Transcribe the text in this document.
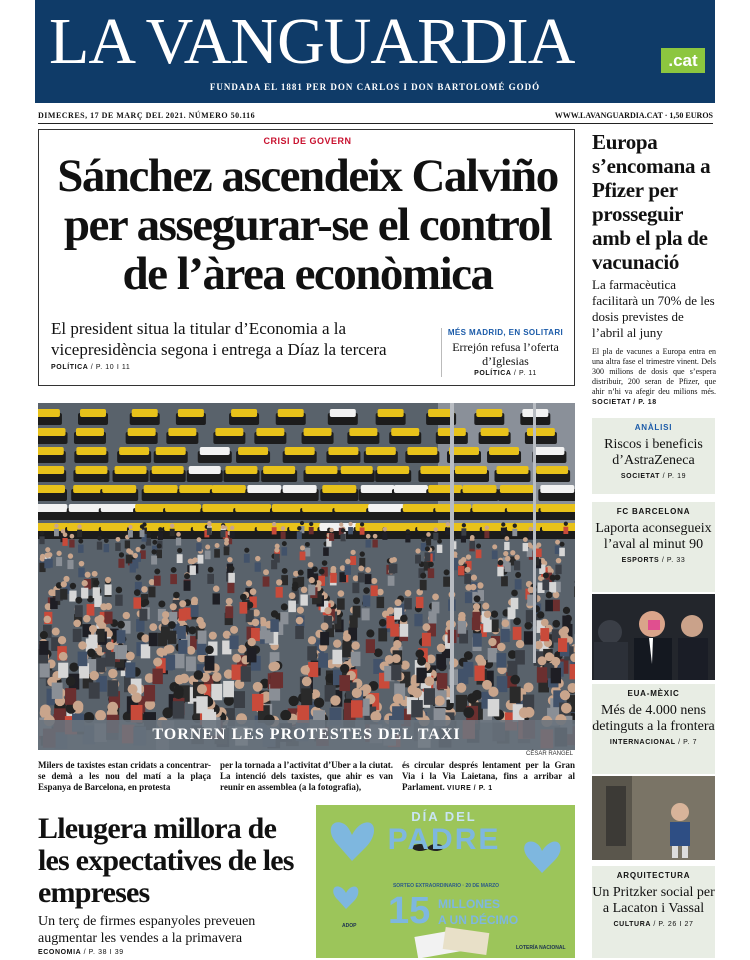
LA VANGUARDIA	.cat
FUNDADA EL 1881 PER DON CARLOS I DON BARTOLOMÉ GODÓ
DIMECRES, 17 DE MARÇ DEL 2021. NÚMERO 50.116	WWW.LAVANGUARDIA.CAT · 1,50 EUROS
CRISI DE GOVERN
Sánchez ascendeix Calviño per assegurar-se el control de l’àrea econòmica
El president situa la titular d’Economia a la vicepresidència segona i entrega a Díaz la tercera
POLÍTICA / P. 10 I 11
MÉS MADRID, EN SOLITARI
Errejón refusa l’oferta d’Iglesias
POLÍTICA / P. 11
TORNEN LES PROTESTES DEL TAXI
CÉSAR RANGEL
Milers de taxistes estan cridats a concentrar-se demà a les nou del matí a la plaça Espanya de Barcelona, en protesta
per la tornada a l’activitat d’Uber a la ciutat. La intenció dels taxistes, que ahir es van reunir en assemblea (a la fotografia),
és circular després lentament per la Gran Via i la Via Laietana, fins a arribar al Parlament. VIURE / P. 1
Lleugera millora de les expectatives de les empreses
Un terç de firmes espanyoles preveuen augmentar les vendes a la primavera
ECONOMIA / P. 38 I 39
DÍA DEL
PADRE
SORTEO EXTRAORDINARIO · 20 DE MARZO
15 MILLONES
A UN DÉCIMO
ADOP
LOTERÍA NACIONAL
Europa s’encomana a Pfizer per prosseguir amb el pla de vacunació
La farmacèutica facilitarà un 70% de les dosis previstes de l’abril al juny
El pla de vacunes a Europa entra en una altra fase el trimestre vinent. Dels 300 milions de dosis que s’espera distribuir, 200 seran de Pfizer, que ahir n’hi va afegir deu milions més. SOCIETAT / P. 18
ANÀLISI
Riscos i beneficis d’AstraZeneca
SOCIETAT / P. 19
FC BARCELONA
Laporta aconsegueix l’aval al minut 90
ESPORTS / P. 33
EUA-MÈXIC
Més de 4.000 nens detinguts a la frontera
INTERNACIONAL / P. 7
ARQUITECTURA
Un Pritzker social per a Lacaton i Vassal
CULTURA / P. 26 I 27
